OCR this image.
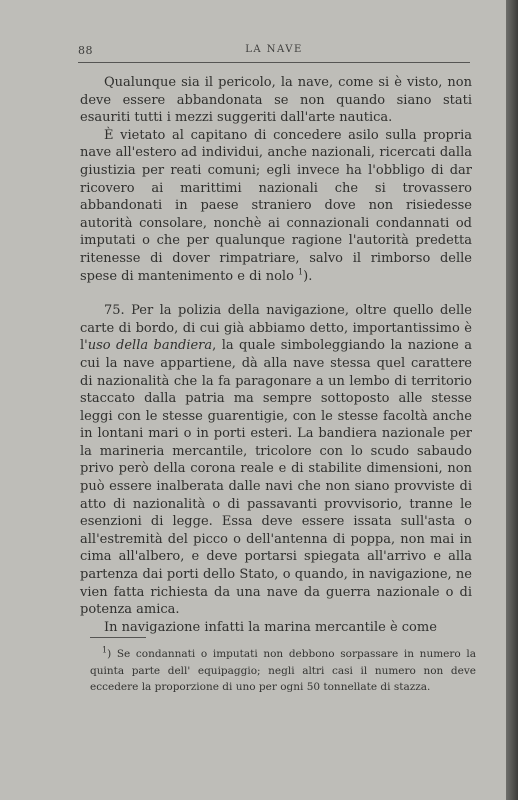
88	LA NAVE

Qualunque sia il pericolo, la nave, come si è visto, non deve essere abbandonata se non quando siano stati esauriti tutti i mezzi suggeriti dall'arte nautica.

È vietato al capitano di concedere asilo sulla propria nave all'estero ad individui, anche nazionali, ricercati dalla giustizia per reati comuni; egli invece ha l'obbligo di dar ricovero ai marittimi nazionali che si trovassero abbandonati in paese straniero dove non risiedesse autorità consolare, nonchè ai connazionali condannati od imputati o che per qualunque ragione l'autorità predetta ritenesse di dover rimpatriare, salvo il rimborso delle spese di mantenimento e di nolo $^1$).

75. Per la polizia della navigazione, oltre quello delle carte di bordo, di cui già abbiamo detto, importantissimo è l'uso della bandiera, la quale simboleggiando la nazione a cui la nave appartiene, dà alla nave stessa quel carattere di nazionalità che la fa paragonare a un lembo di territorio staccato dalla patria ma sempre sottoposto alle stesse leggi con le stesse guarentigie, con le stesse facoltà anche in lontani mari o in porti esteri. La bandiera nazionale per la marineria mercantile, tricolore con lo scudo sabaudo privo però della corona reale e di stabilite dimensioni, non può essere inalberata dalle navi che non siano provviste di atto di nazionalità o di passavanti provvisorio, tranne le esenzioni di legge. Essa deve essere issata sull'asta o all'estremità del picco o dell'antenna di poppa, non mai in cima all'albero, e deve portarsi spiegata all'arrivo e alla partenza dai porti dello Stato, o quando, in navigazione, ne vien fatta richiesta da una nave da guerra nazionale o di potenza amica.

In navigazione infatti la marina mercantile è come

$^1$) Se condannati o imputati non debbono sorpassare in numero la quinta parte dell' equipaggio; negli altri casi il numero non deve eccedere la proporzione di uno per ogni 50 tonnellate di stazza.
